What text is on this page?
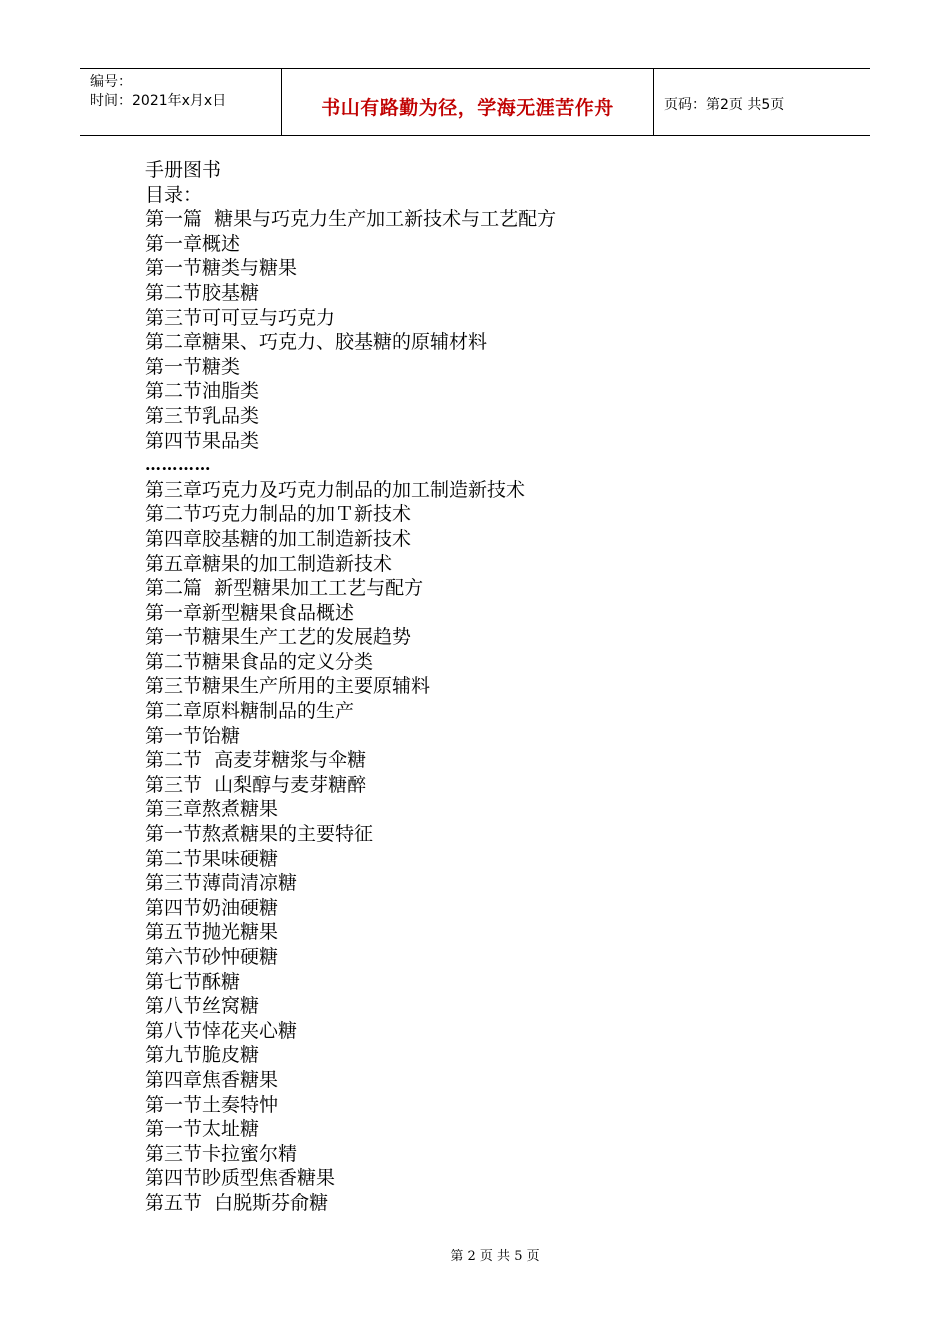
编号：
时间：2021年x月x日	书山有路勤为径，学海无涯苦作舟	页码：第2页 共5页
手册图书
目录：
第一篇  糖果与巧克力生产加工新技术与工艺配方
第一章概述
第一节糖类与糖果
第二节胶基糖
第三节可可豆与巧克力
第二章糖果、巧克力、胶基糖的原辅材料
第一节糖类
第二节油脂类
第三节乳品类
第四节果品类
…………
第三章巧克力及巧克力制品的加工制造新技术
第二节巧克力制品的加Ｔ新技术
第四章胶基糖的加工制造新技术
第五章糖果的加工制造新技术
第二篇  新型糖果加工工艺与配方
第一章新型糖果食品概述
第一节糖果生产工艺的发展趋势
第二节糖果食品的定义分类
第三节糖果生产所用的主要原辅料
第二章原料糖制品的生产
第一节饴糖
第二节  高麦芽糖浆与伞糖
第三节  山梨醇与麦芽糖醉
第三章熬煮糖果
第一节熬煮糖果的主要特征
第二节果味硬糖
第三节薄茼清凉糖
第四节奶油硬糖
第五节抛光糖果
第六节砂忡硬糖
第七节酥糖
第八节丝窝糖
第八节悻花夹心糖
第九节脆皮糖
第四章焦香糖果
第一节土奏特忡
第一节太址糖
第三节卡拉蜜尔精
第四节眇质型焦香糖果
第五节  白脱斯芬俞糖
第 2 页 共 5 页
